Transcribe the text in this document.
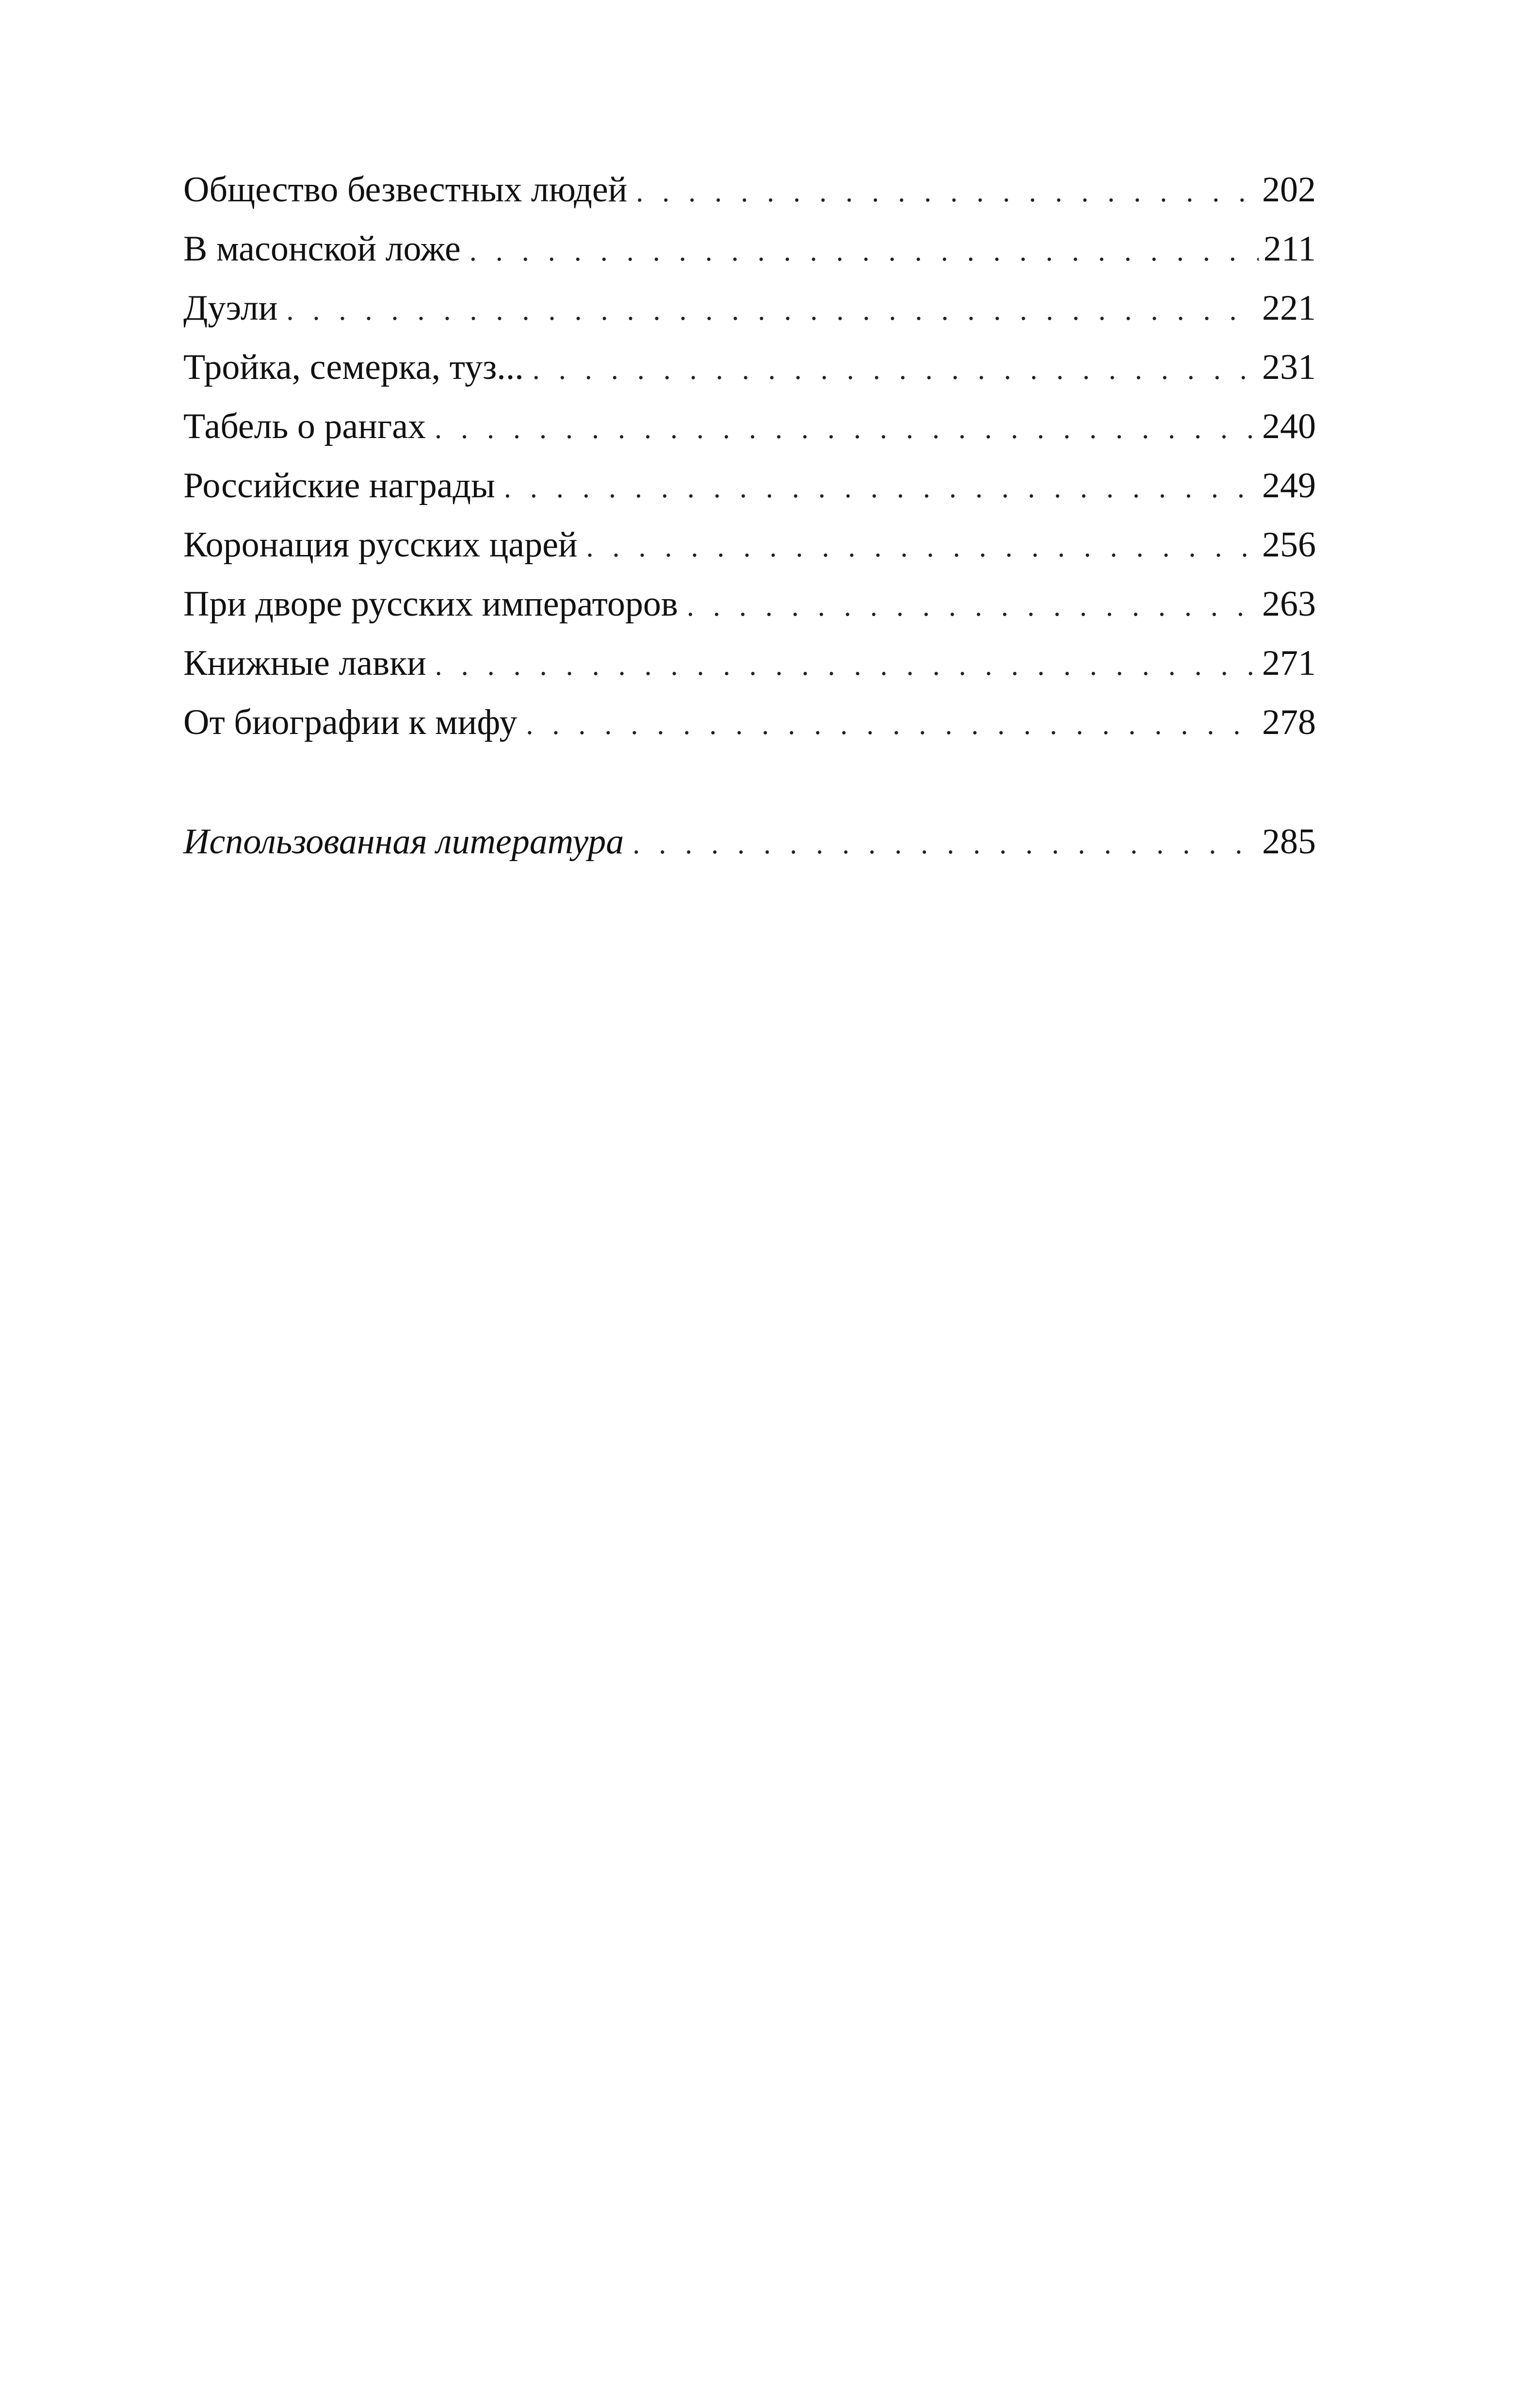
Общество безвестных людей . . .	202
В масонской ложе . . .	211
Дуэли . . .	221
Тройка, семерка, туз... . . .	231
Табель о рангах . . .	240
Российские награды . . .	249
Коронация русских царей . . .	256
При дворе русских императоров . . .	263
Книжные лавки . . .	271
От биографии к мифу . . .	278
Использованная литература . . .	285
